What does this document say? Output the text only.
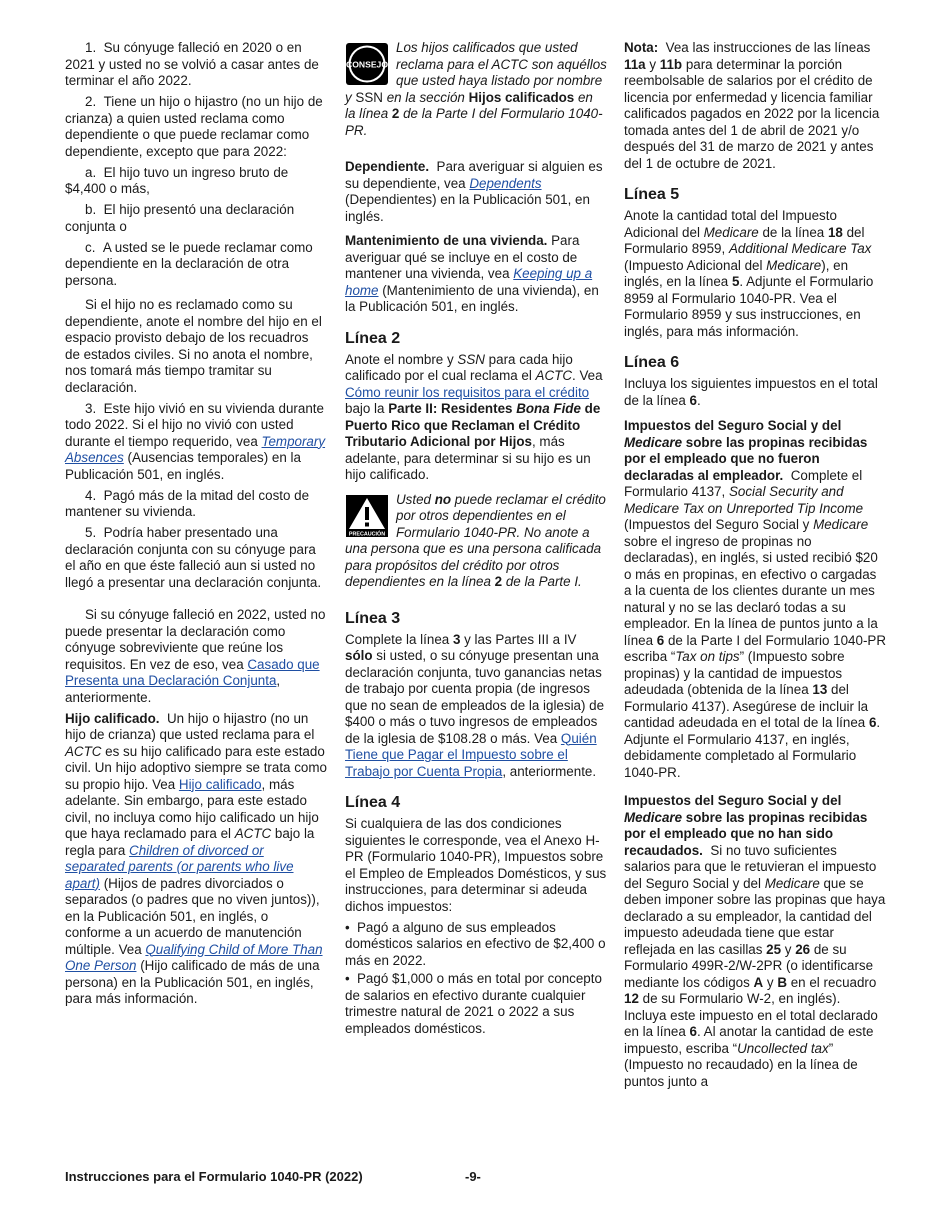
1.  Su cónyuge falleció en 2020 o en 2021 y usted no se volvió a casar antes de terminar el año 2022.

2.  Tiene un hijo o hijastro (no un hijo de crianza) a quien usted reclama como dependiente o que puede reclamar como dependiente, excepto que para 2022:

a.  El hijo tuvo un ingreso bruto de $4,400 o más,

b.  El hijo presentó una declaración conjunta o

c.  A usted se le puede reclamar como dependiente en la declaración de otra persona.

Si el hijo no es reclamado como su dependiente, anote el nombre del hijo en el espacio provisto debajo de los recuadros de estados civiles. Si no anota el nombre, nos tomará más tiempo tramitar su declaración.

3.  Este hijo vivió en su vivienda durante todo 2022. Si el hijo no vivió con usted durante el tiempo requerido, vea Temporary Absences (Ausencias temporales) en la Publicación 501, en inglés.

4.  Pagó más de la mitad del costo de mantener su vivienda.

5.  Podría haber presentado una declaración conjunta con su cónyuge para el año en que éste falleció aun si usted no llegó a presentar una declaración conjunta.

Si su cónyuge falleció en 2022, usted no puede presentar la declaración como cónyuge sobreviviente que reúne los requisitos. En vez de eso, vea Casado que Presenta una Declaración Conjunta, anteriormente.

Hijo calificado.  Un hijo o hijastro (no un hijo de crianza) que usted reclama para el ACTC es su hijo calificado para este estado civil. Un hijo adoptivo siempre se trata como su propio hijo. Vea Hijo calificado, más adelante. Sin embargo, para este estado civil, no incluya como hijo calificado un hijo que haya reclamado para el ACTC bajo la regla para Children of divorced or separated parents (or parents who live apart) (Hijos de padres divorciados o separados (o padres que no viven juntos)), en la Publicación 501, en inglés, o conforme a un acuerdo de manutención múltiple. Vea Qualifying Child of More Than One Person (Hijo calificado de más de una persona) en la Publicación 501, en inglés, para más información.

CONSEJO
Los hijos calificados que usted reclama para el ACTC son aquéllos que usted haya listado por nombre y SSN en la sección Hijos calificados en la línea 2 de la Parte I del Formulario 1040-PR.

Dependiente.  Para averiguar si alguien es su dependiente, vea Dependents (Dependientes) en la Publicación 501, en inglés.

Mantenimiento de una vivienda. Para averiguar qué se incluye en el costo de mantener una vivienda, vea Keeping up a home (Mantenimiento de una vivienda), en la Publicación 501, en inglés.

Línea 2

Anote el nombre y SSN para cada hijo calificado por el cual reclama el ACTC. Vea Cómo reunir los requisitos para el crédito bajo la Parte II: Residentes Bona Fide de Puerto Rico que Reclaman el Crédito Tributario Adicional por Hijos, más adelante, para determinar si su hijo es un hijo calificado.

PRECAUCIÓN
Usted no puede reclamar el crédito por otros dependientes en el Formulario 1040-PR. No anote a una persona que es una persona calificada para propósitos del crédito por otros dependientes en la línea 2 de la Parte I.
Línea 3

Complete la línea 3 y las Partes III a IV sólo si usted, o su cónyuge presentan una declaración conjunta, tuvo ganancias netas de trabajo por cuenta propia (de ingresos que no sean de empleados de la iglesia) de $400 o más o tuvo ingresos de empleados de la iglesia de $108.28 o más. Vea Quién Tiene que Pagar el Impuesto sobre el Trabajo por Cuenta Propia, anteriormente.

Línea 4

Si cualquiera de las dos condiciones siguientes le corresponde, vea el Anexo H-PR (Formulario 1040-PR), Impuestos sobre el Empleo de Empleados Domésticos, y sus instrucciones, para determinar si adeuda dichos impuestos:

• Pagó a alguno de sus empleados domésticos salarios en efectivo de $2,400 o más en 2022.

• Pagó $1,000 o más en total por concepto de salarios en efectivo durante cualquier trimestre natural de 2021 o 2022 a sus empleados domésticos.

Nota:  Vea las instrucciones de las líneas 11a y 11b para determinar la porción reembolsable de salarios por el crédito de licencia por enfermedad y licencia familiar calificados pagados en 2022 por la licencia tomada antes del 1 de abril de 2021 y/o después del 31 de marzo de 2021 y antes del 1 de octubre de 2021.

Línea 5

Anote la cantidad total del Impuesto Adicional del Medicare de la línea 18 del Formulario 8959, Additional Medicare Tax (Impuesto Adicional del Medicare), en inglés, en la línea 5. Adjunte el Formulario 8959 al Formulario 1040-PR. Vea el Formulario 8959 y sus instrucciones, en inglés, para más información.

Línea 6

Incluya los siguientes impuestos en el total de la línea 6.

Impuestos del Seguro Social y del Medicare sobre las propinas recibidas por el empleado que no fueron declaradas al empleador.  Complete el Formulario 4137, Social Security and Medicare Tax on Unreported Tip Income (Impuestos del Seguro Social y Medicare sobre el ingreso de propinas no declaradas), en inglés, si usted recibió $20 o más en propinas, en efectivo o cargadas a la cuenta de los clientes durante un mes natural y no se las declaró todas a su empleador. En la línea de puntos junto a la línea 6 de la Parte I del Formulario 1040-PR escriba “Tax on tips” (Impuesto sobre propinas) y la cantidad de impuestos adeudada (obtenida de la línea 13 del Formulario 4137). Asegúrese de incluir la cantidad adeudada en el total de la línea 6. Adjunte el Formulario 4137, en inglés, debidamente completado al Formulario 1040-PR.

Impuestos del Seguro Social y del Medicare sobre las propinas recibidas por el empleado que no han sido recaudados.  Si no tuvo suficientes salarios para que le retuvieran el impuesto del Seguro Social y del Medicare que se deben imponer sobre las propinas que haya declarado a su empleador, la cantidad del impuesto adeudada tiene que estar reflejada en las casillas 25 y 26 de su Formulario 499R-2/W-2PR (o identificarse mediante los códigos A y B en el recuadro 12 de su Formulario W-2, en inglés). Incluya este impuesto en el total declarado en la línea 6. Al anotar la cantidad de este impuesto, escriba “Uncollected tax” (Impuesto no recaudado) en la línea de puntos junto a

Instrucciones para el Formulario 1040-PR (2022)	-9-
